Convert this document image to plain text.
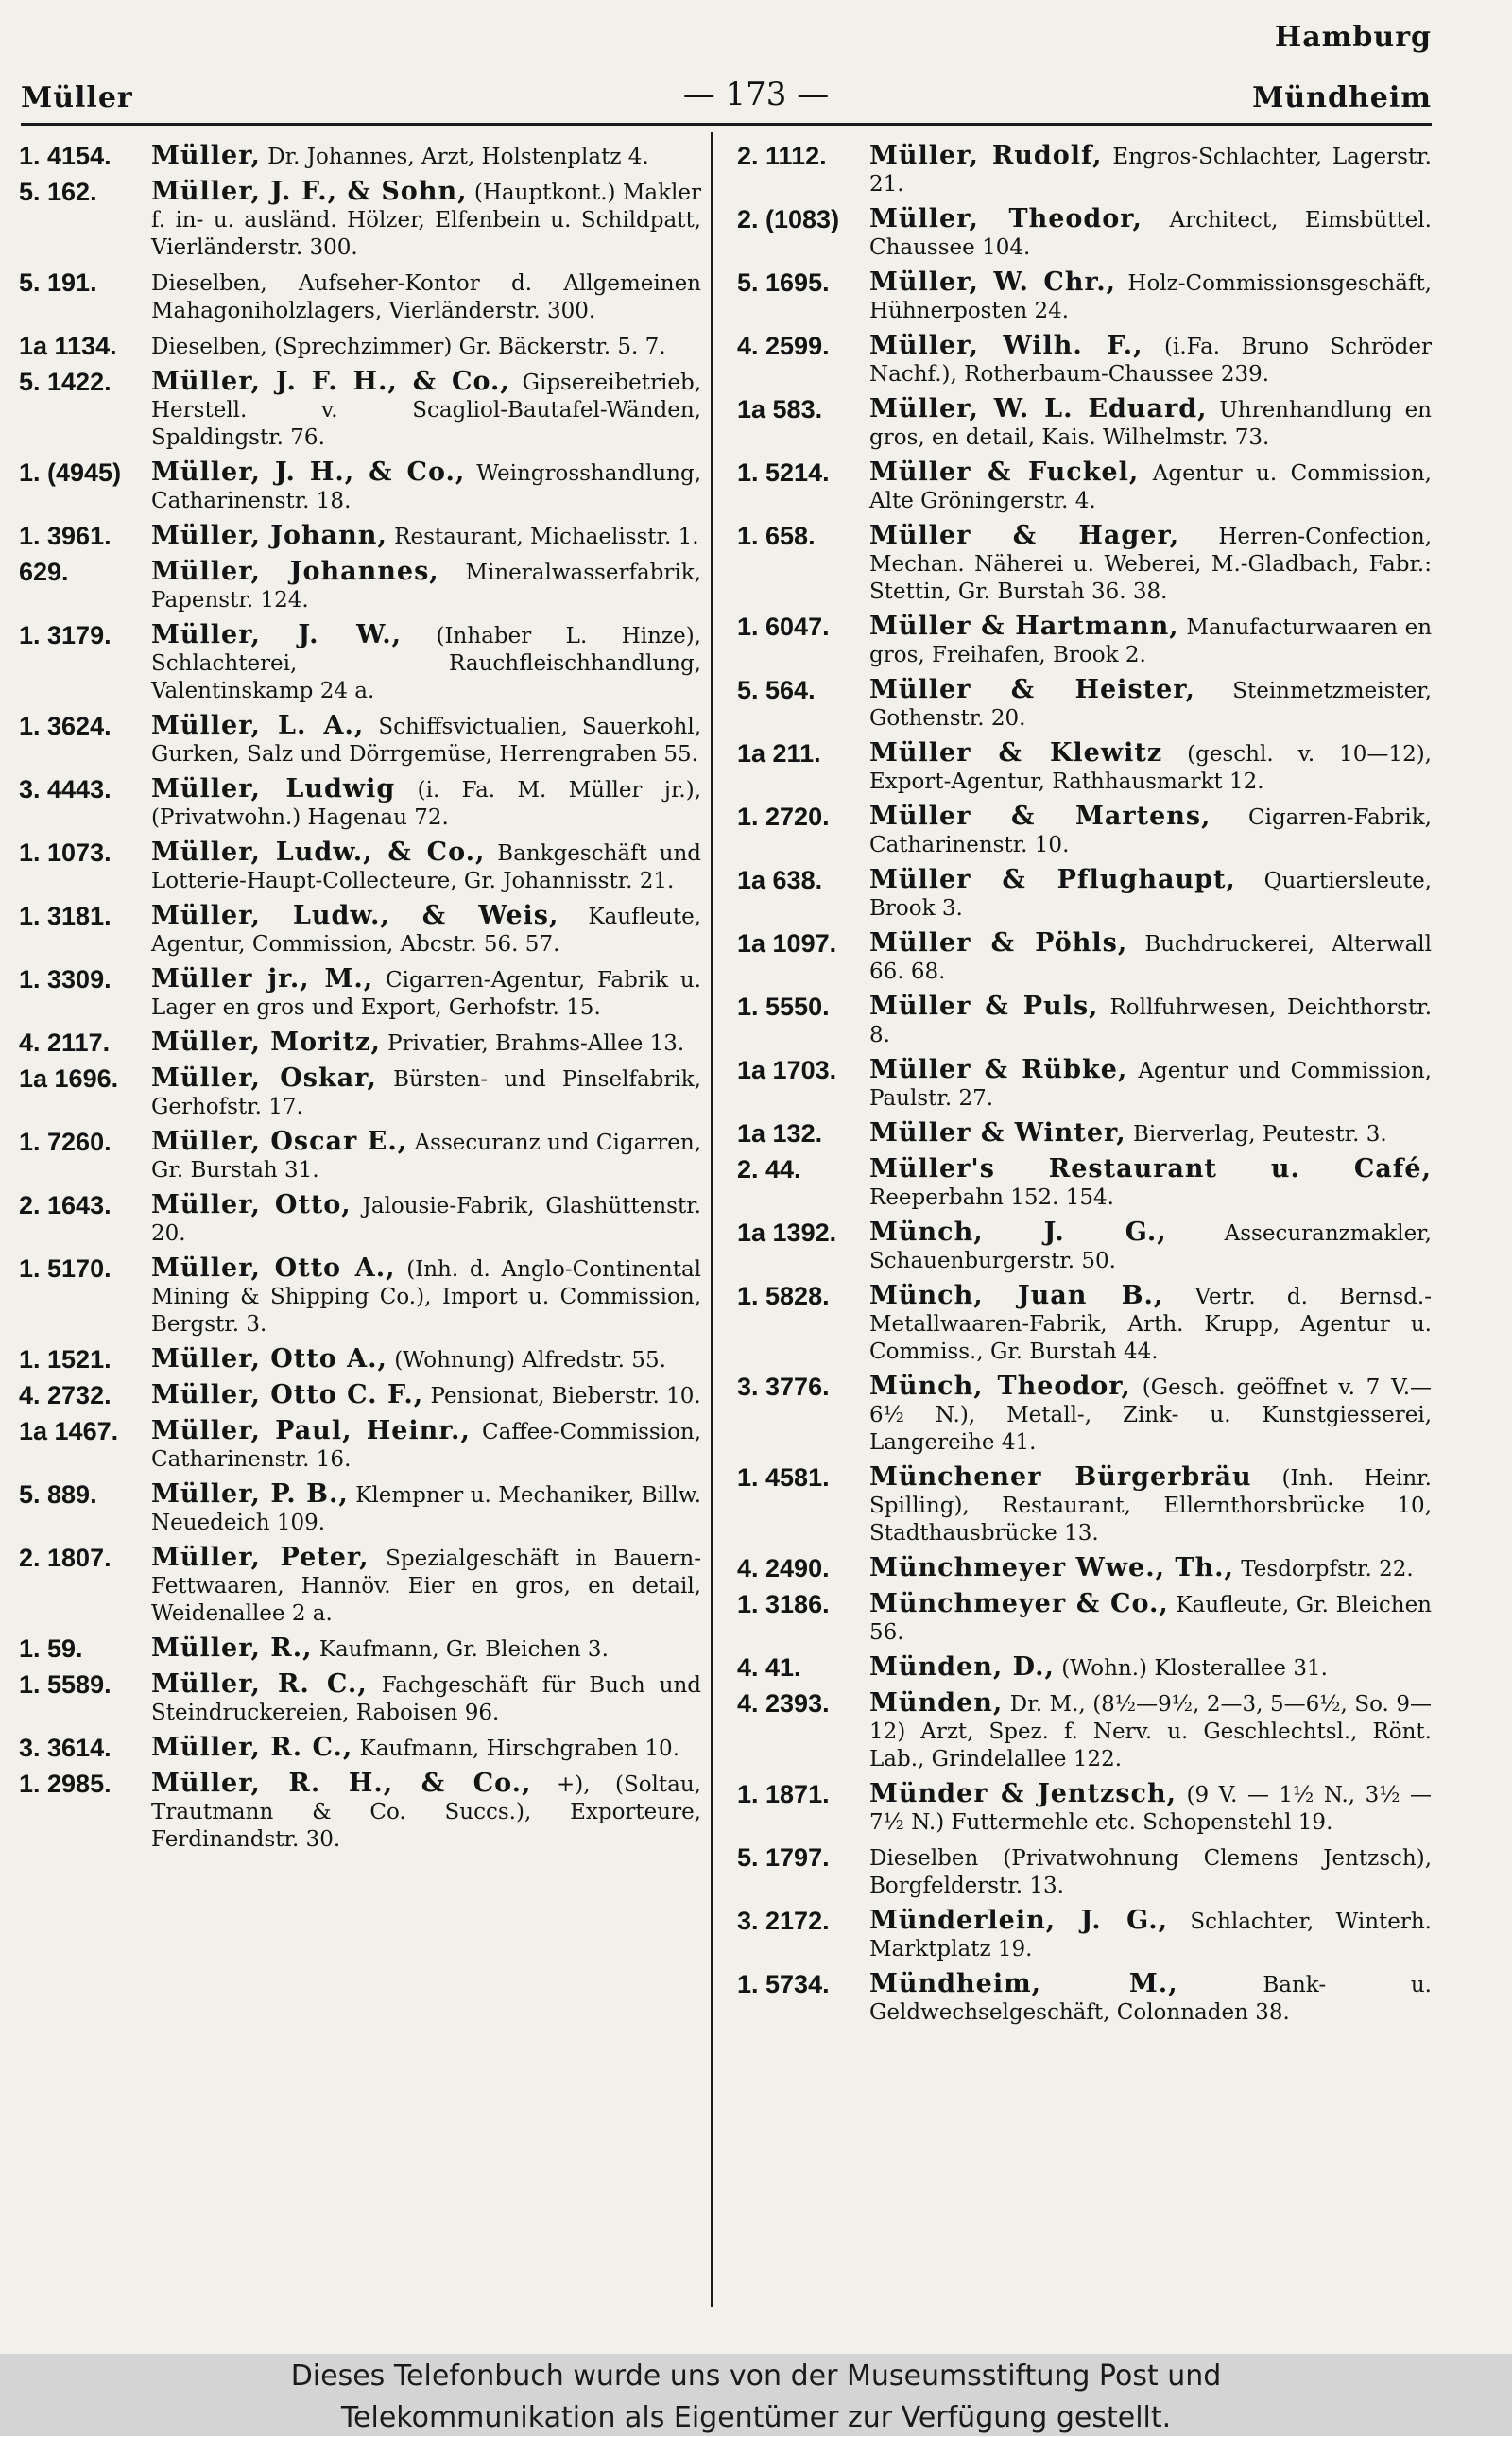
Hamburg
Müller	— 173 —	Mündheim
1. 4154.	Müller, Dr. Johannes, Arzt, Holstenplatz 4.
5. 162.	Müller, J. F., & Sohn, (Hauptkont.) Makler f. in- u. ausländ. Hölzer, Elfenbein u. Schildpatt, Vierländerstr. 300.
5. 191.	Dieselben, Aufseher-Kontor d. Allgemeinen Mahagoniholzlagers, Vierländerstr. 300.
1a 1134.	Dieselben, (Sprechzimmer) Gr. Bäckerstr. 5. 7.
5. 1422.	Müller, J. F. H., & Co., Gipsereibetrieb, Herstell. v. Scagliol-Bautafel-Wänden, Spaldingstr. 76.
1. (4945)	Müller, J. H., & Co., Weingrosshandlung, Catharinenstr. 18.
1. 3961.	Müller, Johann, Restaurant, Michaelisstr. 1.
629.	Müller, Johannes, Mineralwasserfabrik, Papenstr. 124.
1. 3179.	Müller, J. W., (Inhaber L. Hinze), Schlachterei, Rauchfleischhandlung, Valentinskamp 24 a.
1. 3624.	Müller, L. A., Schiffsvictualien, Sauerkohl, Gurken, Salz und Dörrgemüse, Herrengraben 55.
3. 4443.	Müller, Ludwig (i. Fa. M. Müller jr.), (Privatwohn.) Hagenau 72.
1. 1073.	Müller, Ludw., & Co., Bankgeschäft und Lotterie-Haupt-Collecteure, Gr. Johannisstr. 21.
1. 3181.	Müller, Ludw., & Weis, Kaufleute, Agentur, Commission, Abcstr. 56. 57.
1. 3309.	Müller jr., M., Cigarren-Agentur, Fabrik u. Lager en gros und Export, Gerhofstr. 15.
4. 2117.	Müller, Moritz, Privatier, Brahms-Allee 13.
1a 1696.	Müller, Oskar, Bürsten- und Pinselfabrik, Gerhofstr. 17.
1. 7260.	Müller, Oscar E., Assecuranz und Cigarren, Gr. Burstah 31.
2. 1643.	Müller, Otto, Jalousie-Fabrik, Glashüttenstr. 20.
1. 5170.	Müller, Otto A., (Inh. d. Anglo-Continental Mining & Shipping Co.), Import u. Commission, Bergstr. 3.
1. 1521.	Müller, Otto A., (Wohnung) Alfredstr. 55.
4. 2732.	Müller, Otto C. F., Pensionat, Bieberstr. 10.
1a 1467.	Müller, Paul, Heinr., Caffee-Commission, Catharinenstr. 16.
5. 889.	Müller, P. B., Klempner u. Mechaniker, Billw. Neuedeich 109.
2. 1807.	Müller, Peter, Spezialgeschäft in Bauern-Fettwaaren, Hannöv. Eier en gros, en detail, Weidenallee 2 a.
1. 59.	Müller, R., Kaufmann, Gr. Bleichen 3.
1. 5589.	Müller, R. C., Fachgeschäft für Buch und Steindruckereien, Raboisen 96.
3. 3614.	Müller, R. C., Kaufmann, Hirschgraben 10.
1. 2985.	Müller, R. H., & Co., +), (Soltau, Trautmann & Co. Succs.), Exporteure, Ferdinandstr. 30.
2. 1112.	Müller, Rudolf, Engros-Schlachter, Lagerstr. 21.
2. (1083)	Müller, Theodor, Architect, Eimsbüttel. Chaussee 104.
5. 1695.	Müller, W. Chr., Holz-Commissionsgeschäft, Hühnerposten 24.
4. 2599.	Müller, Wilh. F., (i.Fa. Bruno Schröder Nachf.), Rotherbaum-Chaussee 239.
1a 583.	Müller, W. L. Eduard, Uhrenhandlung en gros, en detail, Kais. Wilhelmstr. 73.
1. 5214.	Müller & Fuckel, Agentur u. Commission, Alte Gröningerstr. 4.
1. 658.	Müller & Hager, Herren-Confection, Mechan. Näherei u. Weberei, M.-Gladbach, Fabr.: Stettin, Gr. Burstah 36. 38.
1. 6047.	Müller & Hartmann, Manufacturwaaren en gros, Freihafen, Brook 2.
5. 564.	Müller & Heister, Steinmetzmeister, Gothenstr. 20.
1a 211.	Müller & Klewitz (geschl. v. 10—12), Export-Agentur, Rathhausmarkt 12.
1. 2720.	Müller & Martens, Cigarren-Fabrik, Catharinenstr. 10.
1a 638.	Müller & Pflughaupt, Quartiersleute, Brook 3.
1a 1097.	Müller & Pöhls, Buchdruckerei, Alterwall 66. 68.
1. 5550.	Müller & Puls, Rollfuhrwesen, Deichthorstr. 8.
1a 1703.	Müller & Rübke, Agentur und Commission, Paulstr. 27.
1a 132.	Müller & Winter, Bierverlag, Peutestr. 3.
2. 44.	Müller's Restaurant u. Café, Reeperbahn 152. 154.
1a 1392.	Münch, J. G.,	Assecuranzmakler, Schauenburgerstr. 50.
1. 5828.	Münch, Juan B., Vertr. d. Bernsd.-Metallwaaren-Fabrik, Arth. Krupp, Agentur u. Commiss., Gr. Burstah 44.
3. 3776.	Münch, Theodor, (Gesch. geöffnet v. 7 V.—6½ N.), Metall-, Zink- u. Kunstgiesserei, Langereihe 41.
1. 4581.	Münchener Bürgerbräu (Inh. Heinr. Spilling), Restaurant, Ellernthorsbrücke 10, Stadthausbrücke 13.
4. 2490.	Münchmeyer Wwe., Th., Tesdorpfstr. 22.
1. 3186.	Münchmeyer & Co., Kaufleute, Gr. Bleichen 56.
4. 41.	Münden, D., (Wohn.) Klosterallee 31.
4. 2393.	Münden, Dr. M., (8½—9½, 2—3, 5—6½, So. 9—12) Arzt, Spez. f. Nerv. u. Geschlechtsl., Rönt. Lab., Grindelallee 122.
1. 1871.	Münder & Jentzsch, (9 V. — 1½ N., 3½ — 7½ N.) Futtermehle etc. Schopenstehl 19.
5. 1797.	Dieselben (Privatwohnung Clemens Jentzsch), Borgfelderstr. 13.
3. 2172.	Münderlein, J. G., Schlachter, Winterh. Marktplatz 19.
1. 5734.	Mündheim, M.,	Bank- u. Geldwechselgeschäft, Colonnaden 38.
Dieses Telefonbuch wurde uns von der Museumsstiftung Post und
Telekommunikation als Eigentümer zur Verfügung gestellt.
